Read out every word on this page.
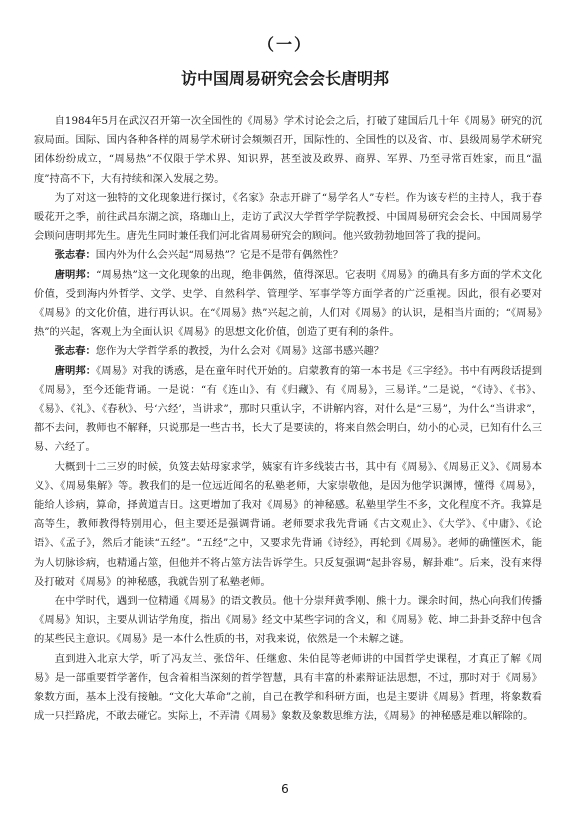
（一）
访中国周易研究会会长唐明邦

自1984年5月在武汉召开第一次全国性的《周易》学术讨论会之后，打破了建国后几十年《周易》研究的沉寂局面。国际、国内各种各样的周易学术研讨会频频召开，国际性的、全国性的以及省、市、县级周易学术研究团体纷纷成立，“周易热”不仅限于学术界、知识界，甚至波及政界、商界、军界、乃至寻常百姓家，而且“温度”持高不下，大有持续和深入发展之势。

为了对这一独特的文化现象进行探讨，《名家》杂志开辟了“易学名人”专栏。作为该专栏的主持人，我于春暖花开之季，前往武昌东湖之滨，珞珈山上，走访了武汉大学哲学学院教授、中国周易研究会会长、中国周易学会顾问唐明邦先生。唐先生同时兼任我们河北省周易研究会的顾问。他兴致勃勃地回答了我的提问。

张志春：国内外为什么会兴起“周易热”？它是不是带有偶然性？

唐明邦：“周易热”这一文化现象的出现，绝非偶然，值得深思。它表明《周易》的确具有多方面的学术文化价值，受到海内外哲学、文学、史学、自然科学、管理学、军事学等方面学者的广泛重视。因此，很有必要对《周易》的文化价值，进行再认识。在“《周易》热”兴起之前，人们对《周易》的认识，是相当片面的；“《周易》热”的兴起，客观上为全面认识《周易》的思想文化价值，创造了更有利的条件。

张志春：您作为大学哲学系的教授，为什么会对《周易》这部书感兴趣？

唐明邦：《周易》对我的诱惑，是在童年时代开始的。启蒙教育的第一本书是《三字经》。书中有两段话提到《周易》，至今还能背诵。一是说：“有《连山》、有《归藏》、有《周易》，三易详。”二是说，“《诗》、《书》、《易》、《礼》、《春秋》、号‘六经’，当讲求”，那时只重认字，不讲解内容，对什么是“三易”，为什么“当讲求”，都不去问，教师也不解释，只说那是一些古书，长大了是要读的，将来自然会明白，幼小的心灵，已知有什么三易、六经了。

大概到十二三岁的时候，负笈去姑母家求学，姨家有许多线装古书，其中有《周易》、《周易正义》、《周易本义》、《周易集解》等。教我们的是一位远近闻名的私塾老师，大家崇敬他，是因为他学识渊博，懂得《周易》，能给人诊病，算命，择黄道吉日。这更增加了我对《周易》的神秘感。私塾里学生不多，文化程度不齐。我算是高等生，教师教得特别用心，但主要还是强调背诵。老师要求我先背诵《古文观止》、《大学》、《中庸》、《论语》、《孟子》，然后才能读“五经”。“五经”之中，又要求先背诵《诗经》，再轮到《周易》。老师的确懂医术，能为人切脉诊病，也精通占筮，但他并不将占筮方法告诉学生。只反复强调“起卦容易，解卦难”。后来，没有来得及打破对《周易》的神秘感，我就告别了私塾老师。

在中学时代，遇到一位精通《周易》的语文教员。他十分崇拜黄季刚、熊十力。课余时间，热心向我们传播《周易》知识，主要从训诂学角度，指出《周易》经文中某些字词的含义，和《周易》乾、坤二卦卦爻辞中包含的某些民主意识。《周易》是一本什么性质的书，对我来说，依然是一个未解之谜。

直到进入北京大学，听了冯友兰、张岱年、任继愈、朱伯昆等老师讲的中国哲学史课程，才真正了解《周易》是一部重要哲学著作，包含着相当深刻的哲学智慧，具有丰富的朴素辩证法思想，不过，那时对于《周易》象数方面，基本上没有接触。“文化大革命”之前，自己在教学和科研方面，也是主要讲《周易》哲理，将象数看成一只拦路虎，不敢去碰它。实际上，不弄清《周易》象数及象数思维方法，《周易》的神秘感是难以解除的。

6
